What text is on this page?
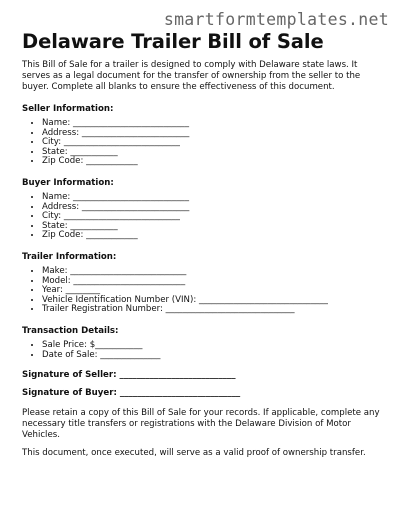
smartformtemplates.net
Delaware Trailer Bill of Sale

This Bill of Sale for a trailer is designed to comply with Delaware state laws. It serves as a legal document for the transfer of ownership from the seller to the buyer. Complete all blanks to ensure the effectiveness of this document.

Seller Information:
• Name: ___________________________
• Address: _________________________
• City: ___________________________
• State: ___________
• Zip Code: ____________
Buyer Information:
• Name: ___________________________
• Address: _________________________
• City: ___________________________
• State: ___________
• Zip Code: ____________
Trailer Information:
• Make: ___________________________
• Model: __________________________
• Year: ________
• Vehicle Identification Number (VIN): ______________________________
• Trailer Registration Number: ______________________________
Transaction Details:
• Sale Price: $___________
• Date of Sale: ______________

Signature of Seller: ___________________________

Signature of Buyer: ____________________________

Please retain a copy of this Bill of Sale for your records. If applicable, complete any necessary title transfers or registrations with the Delaware Division of Motor Vehicles.

This document, once executed, will serve as a valid proof of ownership transfer.
